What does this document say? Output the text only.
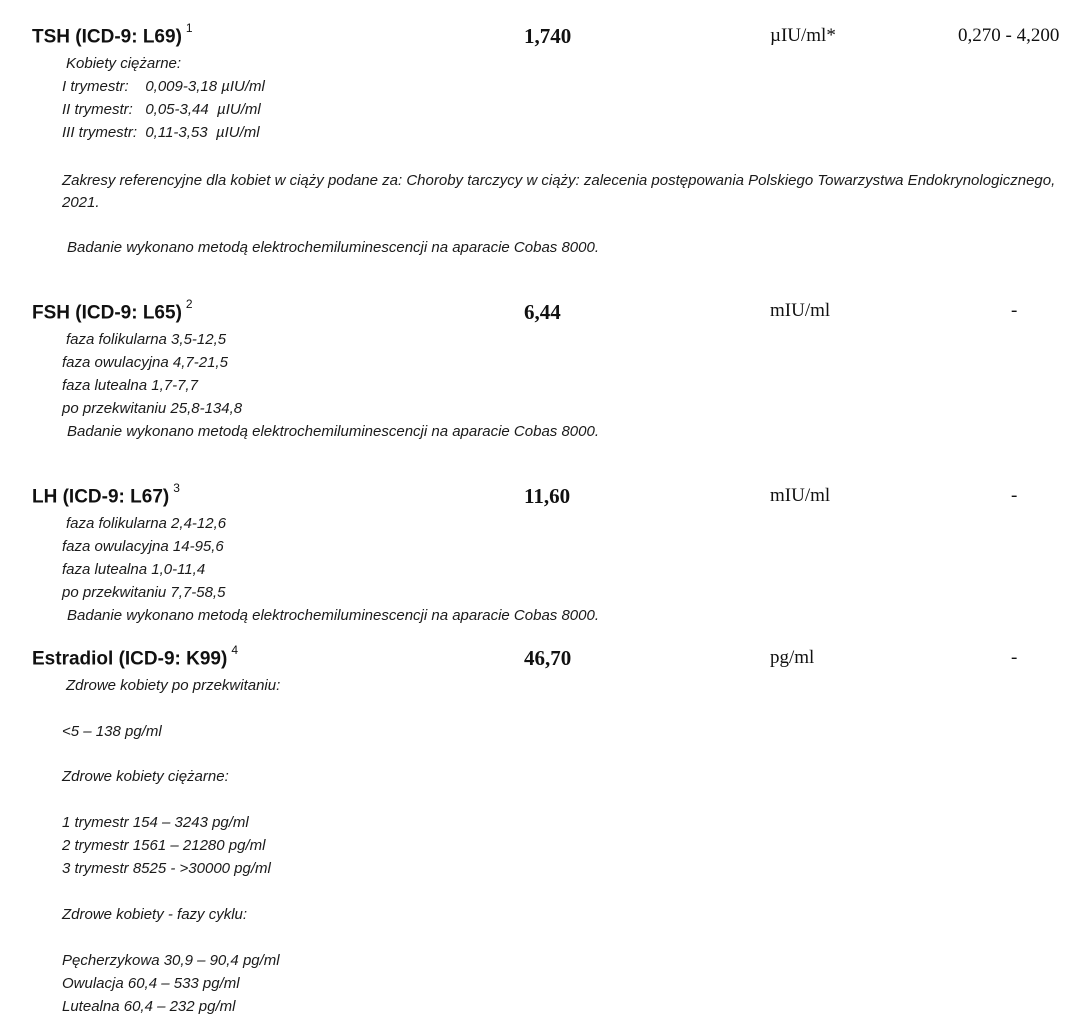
TSH (ICD-9: L69) $^1$	1,740	µIU/ml*	0,270 - 4,200
Kobiety ciężarne:
I trymestr:    0,009-3,18 µIU/ml
II trymestr:   0,05-3,44  µIU/ml
III trymestr:  0,11-3,53  µIU/ml
Zakresy referencyjne dla kobiet w ciąży podane za: Choroby tarczycy w ciąży: zalecenia postępowania Polskiego Towarzystwa Endokrynologicznego, 2021.
Badanie wykonano metodą elektrochemiluminescencji na aparacie Cobas 8000.
FSH (ICD-9: L65) $^2$	6,44	mIU/ml	-
faza folikularna 3,5-12,5
faza owulacyjna 4,7-21,5
faza lutealna 1,7-7,7
po przekwitaniu 25,8-134,8
Badanie wykonano metodą elektrochemiluminescencji na aparacie Cobas 8000.
LH (ICD-9: L67) $^3$	11,60	mIU/ml	-
faza folikularna 2,4-12,6
faza owulacyjna 14-95,6
faza lutealna 1,0-11,4
po przekwitaniu 7,7-58,5
Badanie wykonano metodą elektrochemiluminescencji na aparacie Cobas 8000.
Estradiol (ICD-9: K99) $^4$	46,70	pg/ml	-
Zdrowe kobiety po przekwitaniu:
<5 – 138 pg/ml
Zdrowe kobiety ciężarne:
1 trymestr 154 – 3243 pg/ml
2 trymestr 1561 – 21280 pg/ml
3 trymestr 8525 - >30000 pg/ml
Zdrowe kobiety - fazy cyklu:
Pęcherzykowa 30,9 – 90,4 pg/ml
Owulacja 60,4 – 533 pg/ml
Lutealna 60,4 – 232 pg/ml
